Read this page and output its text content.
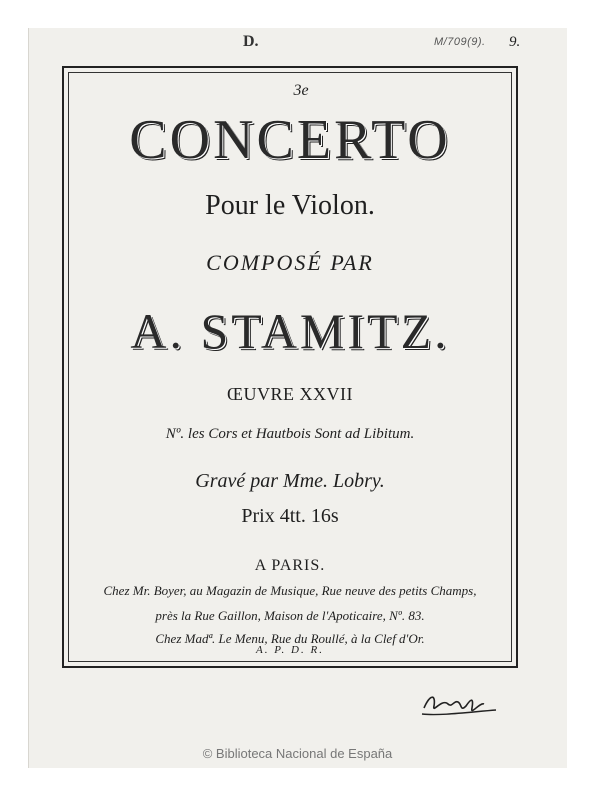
D.	M/709(9). 9.
3e
CONCERTO
Pour le Violon.
COMPOSÉ PAR
A. STAMITZ.
ŒUVRE XXVII
Nº. les Cors et Hautbois Sont ad Libitum.
Gravé par Mme. Lobry.
Prix 4tt. 16s
A PARIS.
Chez Mr. Boyer, au Magazin de Musique, Rue neuve des petits Champs,
près la Rue Gaillon, Maison de l'Apoticaire, Nº. 83.
Chez Madª. Le Menu, Rue du Roullé, à la Clef d'Or.
A. P. D. R.
© Biblioteca Nacional de España
